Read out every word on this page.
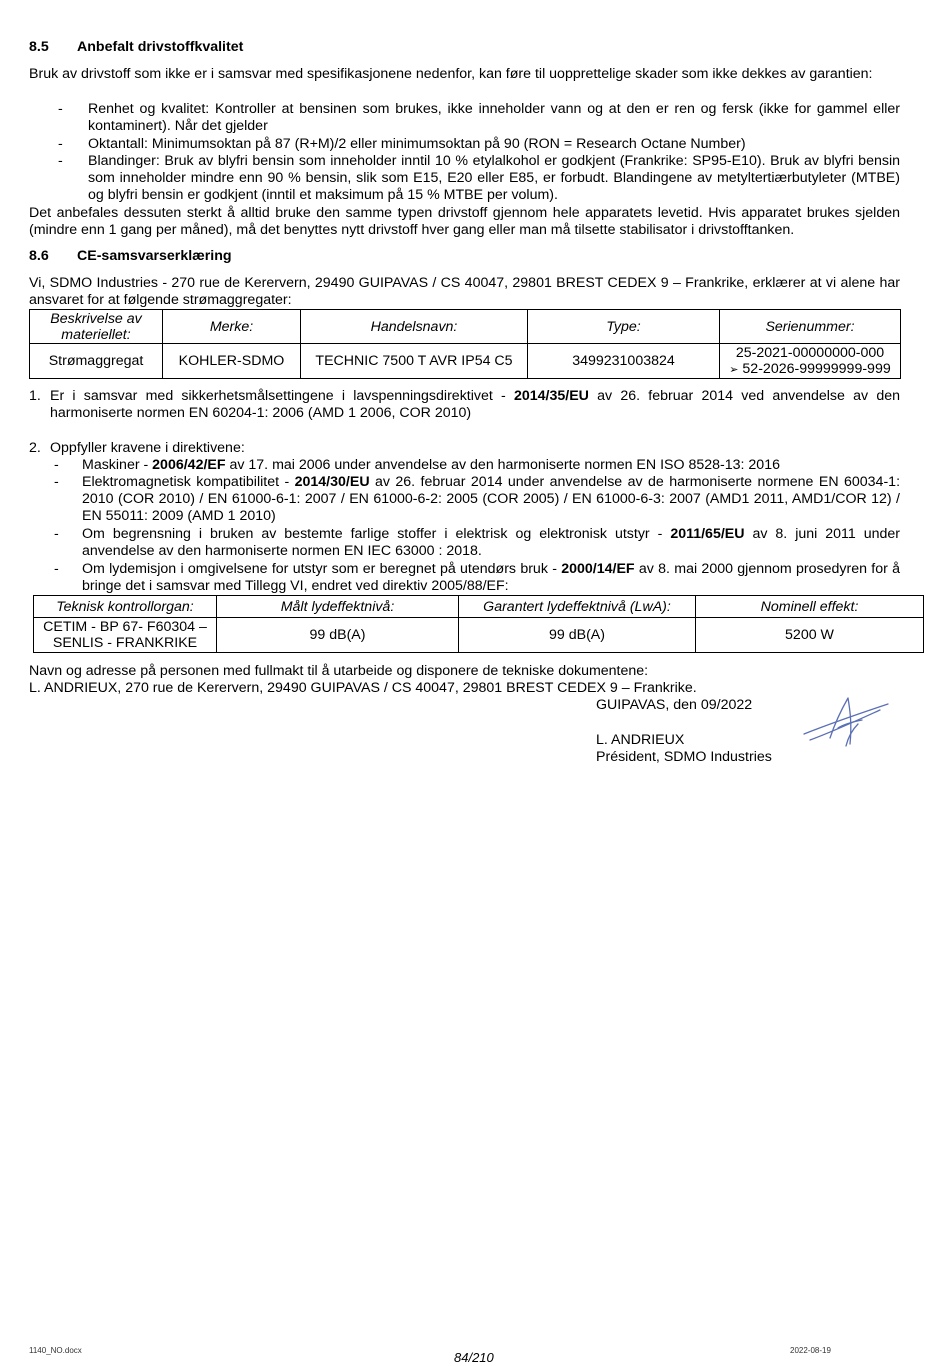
8.5 Anbefalt drivstoffkvalitet
Bruk av drivstoff som ikke er i samsvar med spesifikasjonene nedenfor, kan føre til uopprettelige skader som ikke dekkes av garantien:
- Renhet og kvalitet: Kontroller at bensinen som brukes, ikke inneholder vann og at den er ren og fersk (ikke for gammel eller kontaminert). Når det gjelder
- Oktantall: Minimumsoktan på 87 (R+M)/2 eller minimumsoktan på 90 (RON = Research Octane Number)
- Blandinger: Bruk av blyfri bensin som inneholder inntil 10 % etylalkohol er godkjent (Frankrike: SP95-E10). Bruk av blyfri bensin som inneholder mindre enn 90 % bensin, slik som E15, E20 eller E85, er forbudt. Blandingene av metyltertiærbutyleter (MTBE) og blyfri bensin er godkjent (inntil et maksimum på 15 % MTBE per volum).
Det anbefales dessuten sterkt å alltid bruke den samme typen drivstoff gjennom hele apparatets levetid. Hvis apparatet brukes sjelden (mindre enn 1 gang per måned), må det benyttes nytt drivstoff hver gang eller man må tilsette stabilisator i drivstofftanken.
8.6 CE-samsvarserklæring
Vi, SDMO Industries - 270 rue de Kerervern, 29490 GUIPAVAS / CS 40047, 29801 BREST CEDEX 9 – Frankrike, erklærer at vi alene har ansvaret for at følgende strømaggregater:
Beskrivelse av materiellet:	Merke:	Handelsnavn:	Type:	Serienummer:
Strømaggregat	KOHLER-SDMO	TECHNIC 7500 T AVR IP54 C5	3499231003824	25-2021-00000000-000
➢ 52-2026-99999999-999
1. Er i samsvar med sikkerhetsmålsettingene i lavspenningsdirektivet - 2014/35/EU av 26. februar 2014 ved anvendelse av den harmoniserte normen EN 60204-1: 2006 (AMD 1 2006, COR 2010)
2. Oppfyller kravene i direktivene:
- Maskiner - 2006/42/EF av 17. mai 2006 under anvendelse av den harmoniserte normen EN ISO 8528-13: 2016
- Elektromagnetisk kompatibilitet - 2014/30/EU av 26. februar 2014 under anvendelse av de harmoniserte normene EN 60034-1: 2010 (COR 2010) / EN 61000-6-1: 2007 / EN 61000-6-2: 2005 (COR 2005) / EN 61000-6-3: 2007 (AMD1 2011, AMD1/COR 12) / EN 55011: 2009 (AMD 1 2010)
- Om begrensning i bruken av bestemte farlige stoffer i elektrisk og elektronisk utstyr - 2011/65/EU av 8. juni 2011 under anvendelse av den harmoniserte normen EN IEC 63000 : 2018.
- Om lydemisjon i omgivelsene for utstyr som er beregnet på utendørs bruk - 2000/14/EF av 8. mai 2000 gjennom prosedyren for å bringe det i samsvar med Tillegg VI, endret ved direktiv 2005/88/EF:
Teknisk kontrollorgan:	Målt lydeffektnivå:	Garantert lydeffektnivå (LwA):	Nominell effekt:
CETIM - BP 67- F60304 – SENLIS - FRANKRIKE	99 dB(A)	99 dB(A)	5200 W
Navn og adresse på personen med fullmakt til å utarbeide og disponere de tekniske dokumentene:
L. ANDRIEUX, 270 rue de Kerervern, 29490 GUIPAVAS / CS 40047, 29801 BREST CEDEX 9 – Frankrike.
GUIPAVAS, den 09/2022
L. ANDRIEUX
Président, SDMO Industries
1140_NO.docx	2022-08-19
84/210
